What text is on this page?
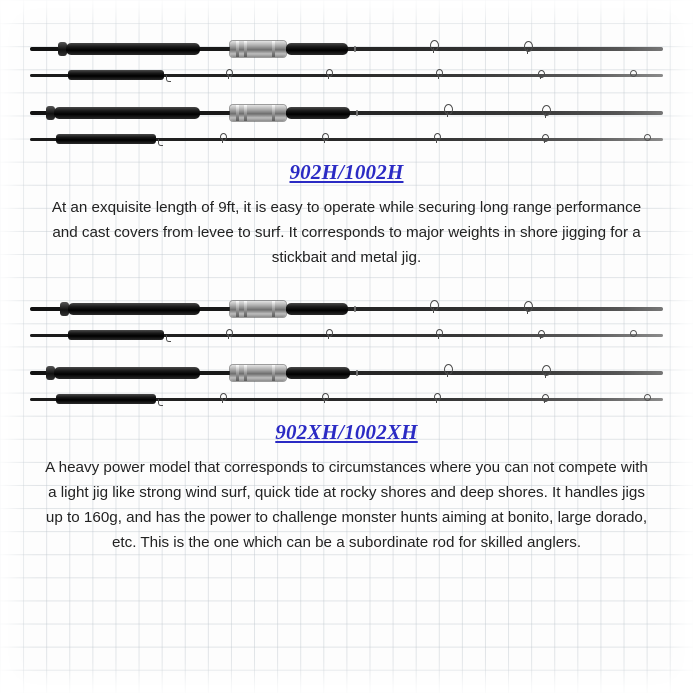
902H/1002H
At an exquisite length of 9ft, it is easy to operate while securing long range performance and cast covers from levee to surf. It corresponds to major weights in shore jigging for a stickbait and metal jig.
902XH/1002XH
A heavy power model that corresponds to circumstances where you can not compete with a light jig like strong wind surf, quick tide at rocky shores and deep shores. It handles jigs up to 160g, and has the power to challenge monster hunts aiming at bonito, large dorado, etc. This is the one which can be a subordinate rod for skilled anglers.
